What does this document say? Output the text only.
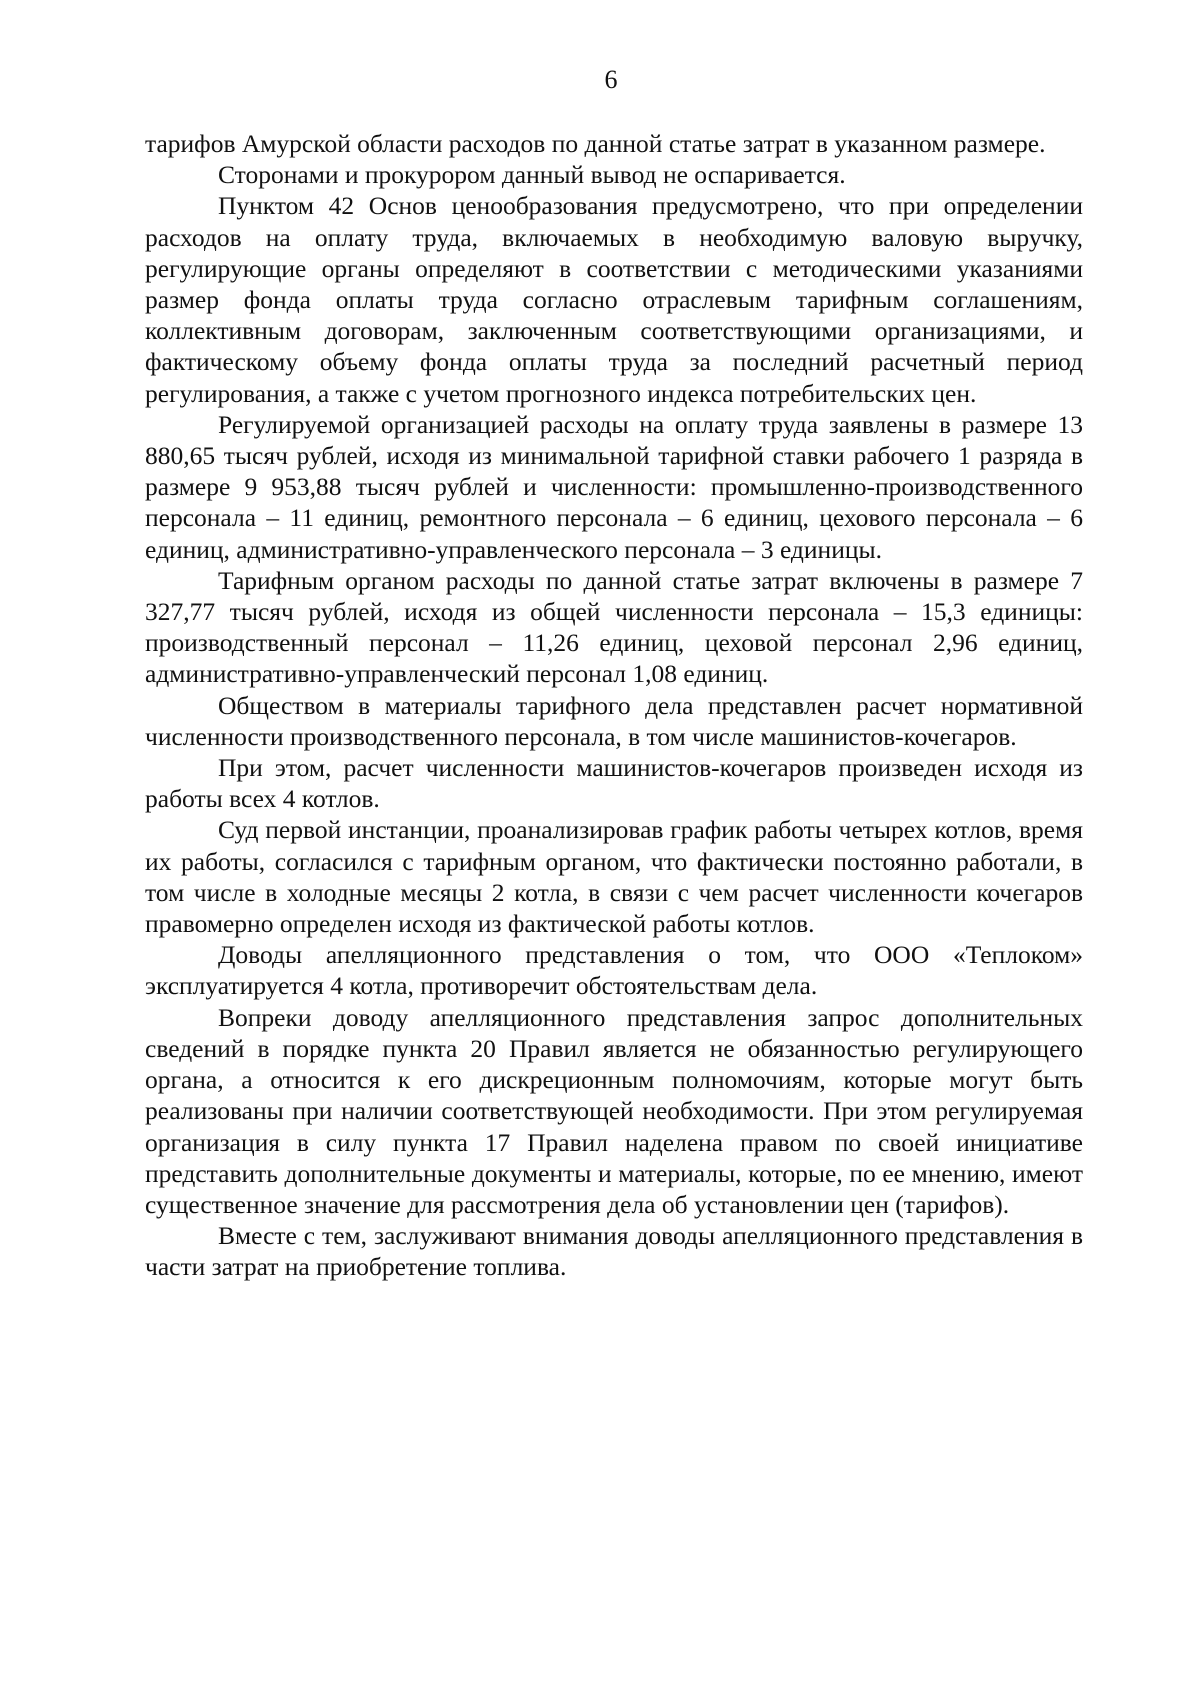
6

тарифов Амурской области расходов по данной статье затрат в указанном размере.

Сторонами и прокурором данный вывод не оспаривается.

Пунктом 42 Основ ценообразования предусмотрено, что при определении расходов на оплату труда, включаемых в необходимую валовую выручку, регулирующие органы определяют в соответствии с методическими указаниями размер фонда оплаты труда согласно отраслевым тарифным соглашениям, коллективным договорам, заключенным соответствующими организациями, и фактическому объему фонда оплаты труда за последний расчетный период регулирования, а также с учетом прогнозного индекса потребительских цен.

Регулируемой организацией расходы на оплату труда заявлены в размере 13 880,65 тысяч рублей, исходя из минимальной тарифной ставки рабочего 1 разряда в размере 9 953,88 тысяч рублей и численности: промышленно-производственного персонала – 11 единиц, ремонтного персонала – 6 единиц, цехового персонала – 6 единиц, административно-управленческого персонала – 3 единицы.

Тарифным органом расходы по данной статье затрат включены в размере 7 327,77 тысяч рублей, исходя из общей численности персонала – 15,3 единицы: производственный персонал – 11,26 единиц, цеховой персонал 2,96 единиц, административно-управленческий персонал 1,08 единиц.

Обществом в материалы тарифного дела представлен расчет нормативной численности производственного персонала, в том числе машинистов-кочегаров.

При этом, расчет численности машинистов-кочегаров произведен исходя из работы всех 4 котлов.

Суд первой инстанции, проанализировав график работы четырех котлов, время их работы, согласился с тарифным органом, что фактически постоянно работали, в том числе в холодные месяцы 2 котла, в связи с чем расчет численности кочегаров правомерно определен исходя из фактической работы котлов.

Доводы апелляционного представления о том, что ООО «Теплоком» эксплуатируется 4 котла, противоречит обстоятельствам дела.

Вопреки доводу апелляционного представления запрос дополнительных сведений в порядке пункта 20 Правил является не обязанностью регулирующего органа, а относится к его дискреционным полномочиям, которые могут быть реализованы при наличии соответствующей необходимости. При этом регулируемая организация в силу пункта 17 Правил наделена правом по своей инициативе представить дополнительные документы и материалы, которые, по ее мнению, имеют существенное значение для рассмотрения дела об установлении цен (тарифов).

Вместе с тем, заслуживают внимания доводы апелляционного представления в части затрат на приобретение топлива.
